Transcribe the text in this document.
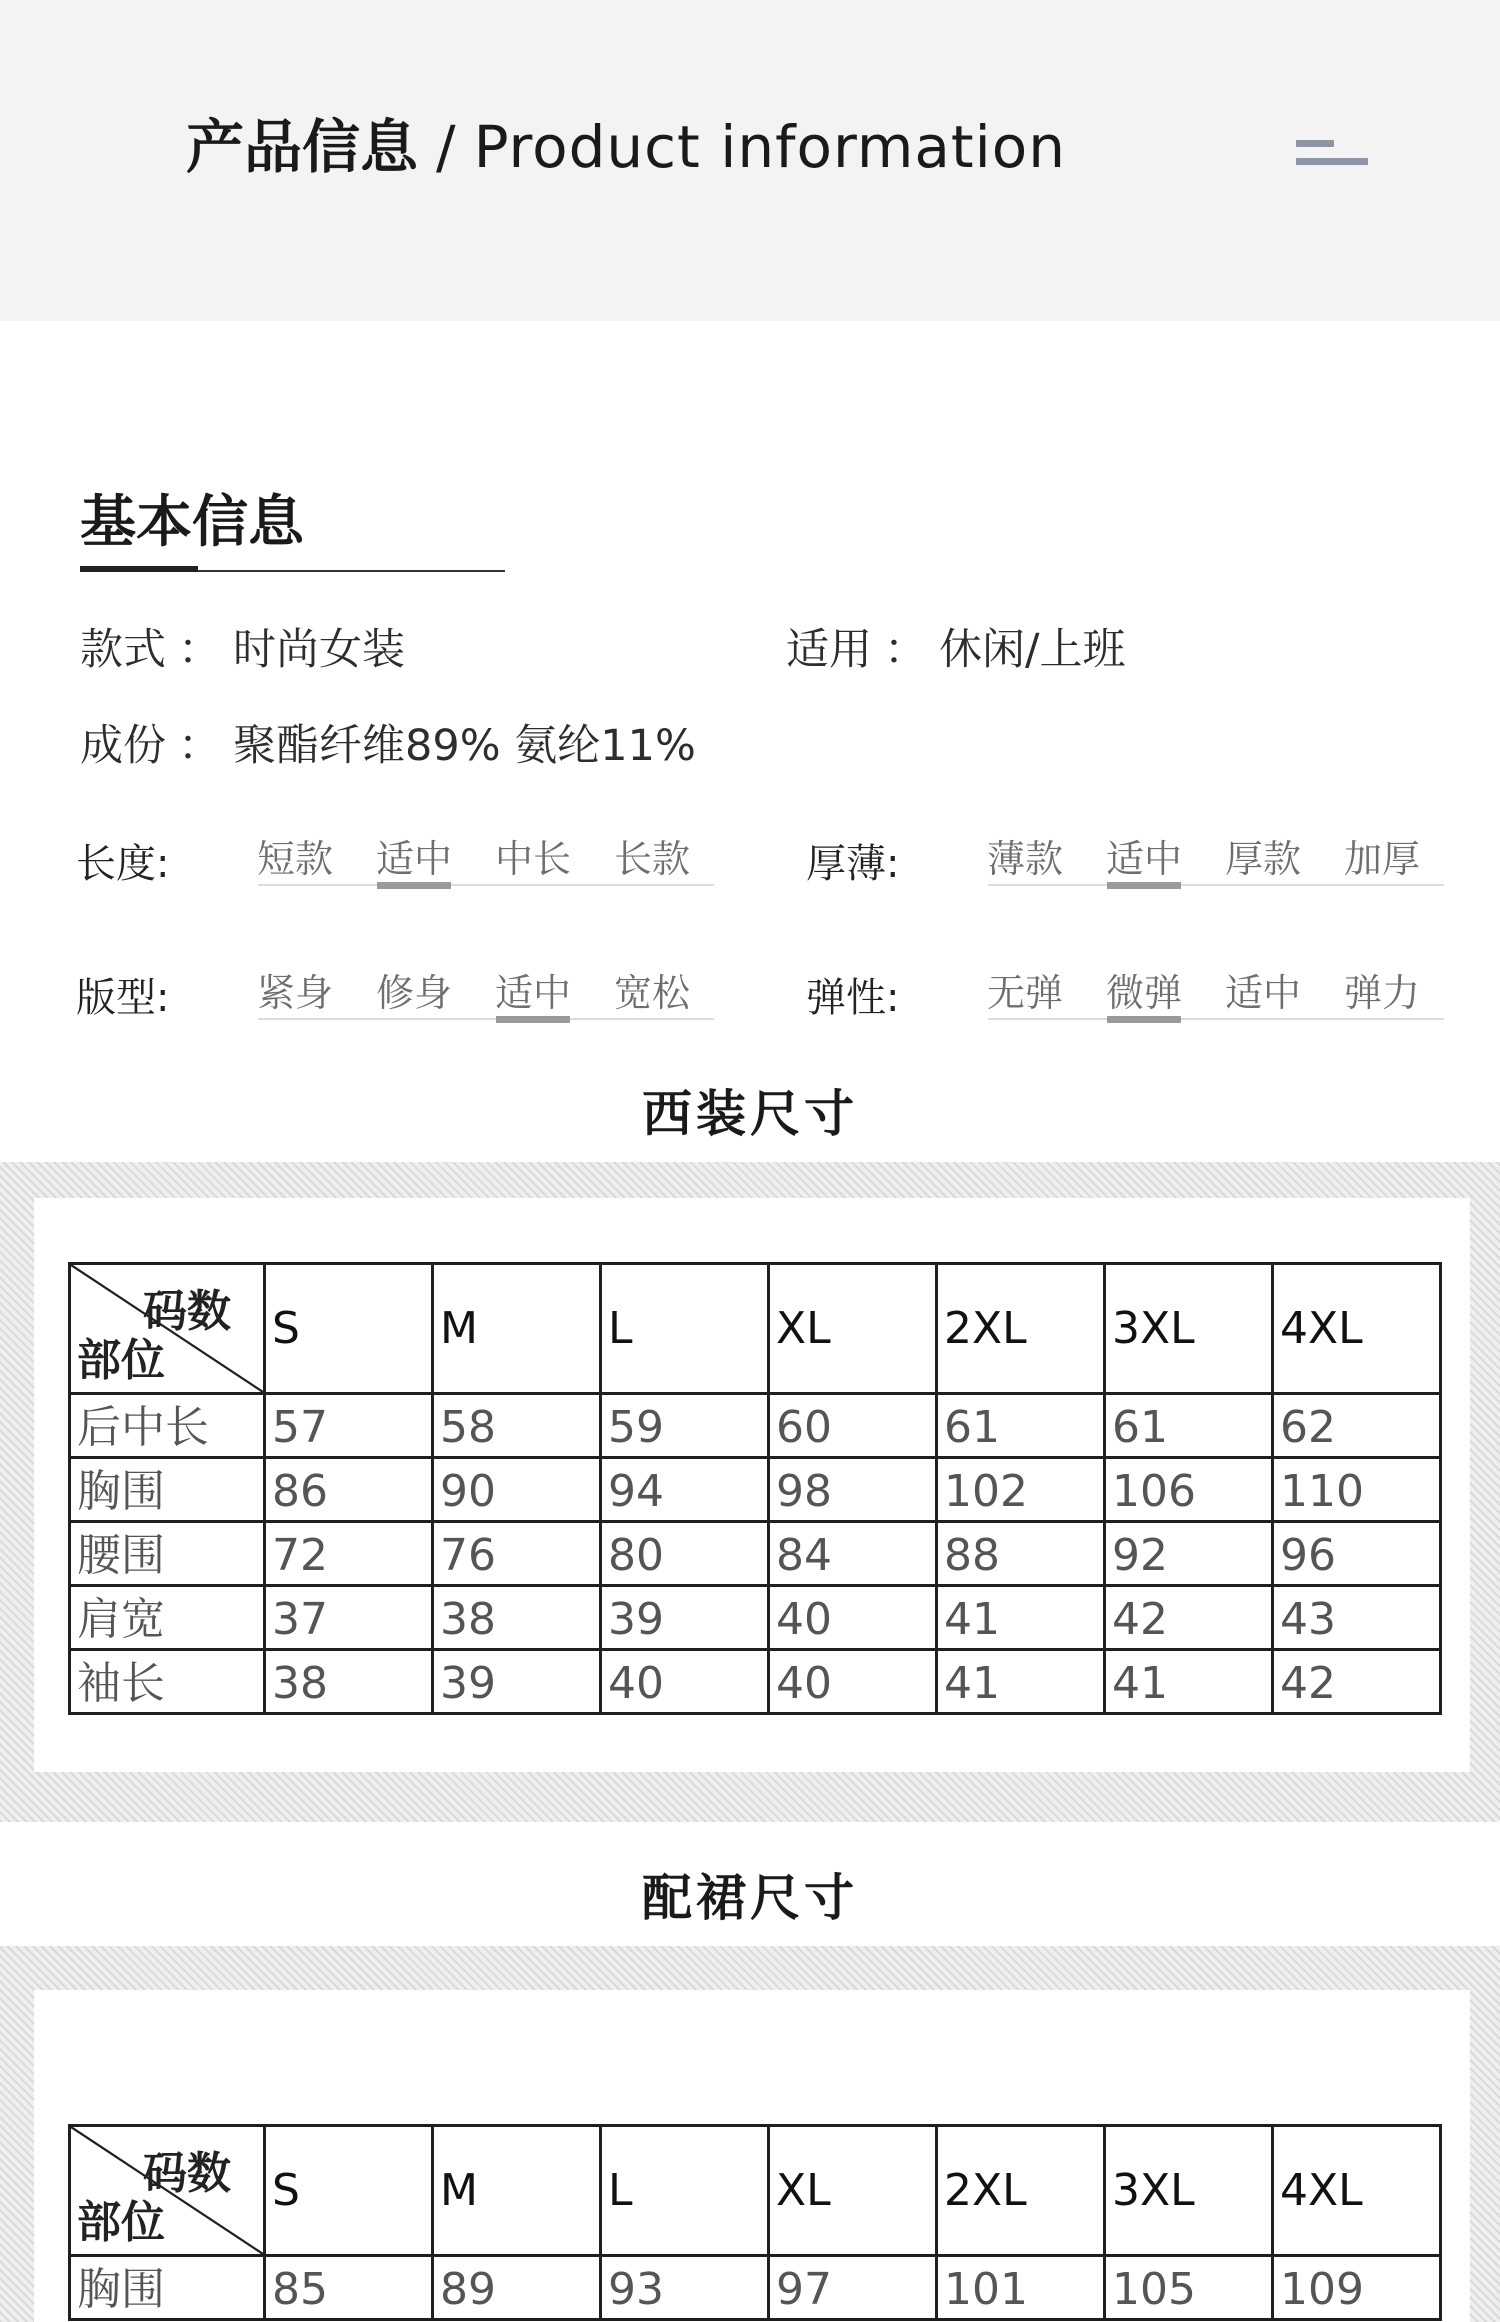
产品信息 / Product information
基本信息
款式 ： 时尚女装	适用 ： 休闲/上班
成份 ： 聚酯纤维89% 氨纶11%
长度: 短款 适中 中长 长款	厚薄: 薄款 适中 厚款 加厚
版型: 紧身 修身 适中 宽松	弹性: 无弹 微弹 适中 弹力
西装尺寸
码数
部位	S	M	L	XL	2XL	3XL	4XL
后中长	57	58	59	60	61	61	62
胸围	86	90	94	98	102	106	110
腰围	72	76	80	84	88	92	96
肩宽	37	38	39	40	41	42	43
袖长	38	39	40	40	41	41	42
配裙尺寸
码数
部位	S	M	L	XL	2XL	3XL	4XL
胸围	85	89	93	97	101	105	109
